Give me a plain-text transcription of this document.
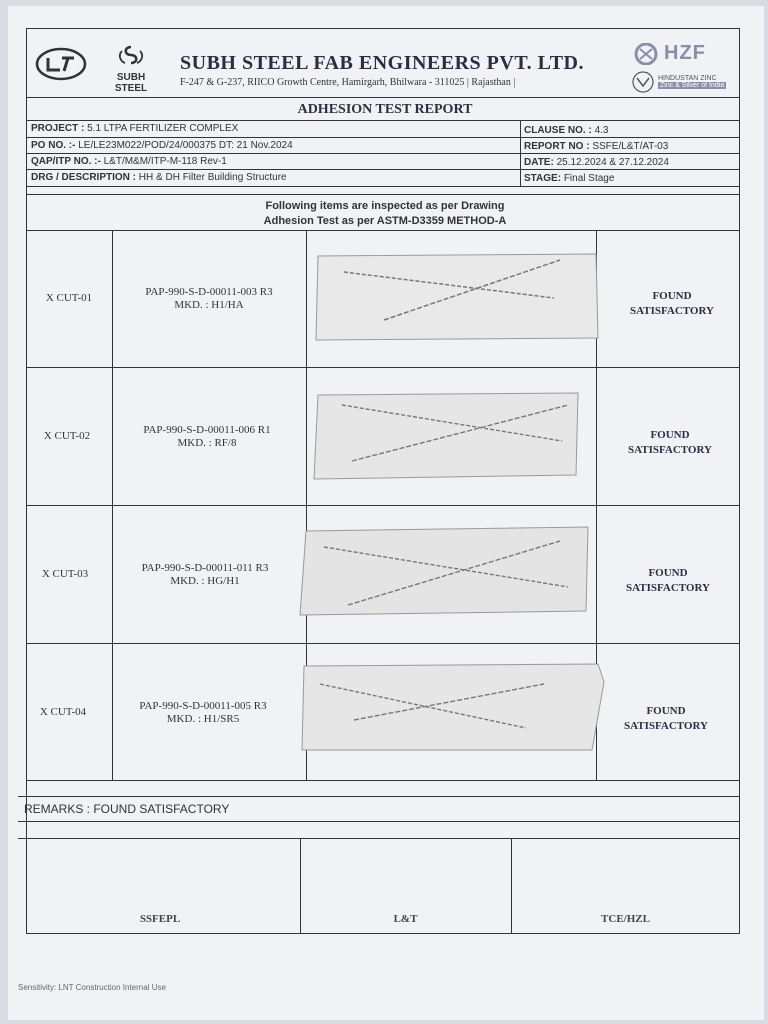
SUBH STEEL
SUBH STEEL FAB ENGINEERS PVT. LTD.
F-247 & G-237, RIICO Growth Centre, Hamirgarh, Bhilwara - 311025 | Rajasthan |
HZF
HINDUSTAN ZINC
Zinc & Silver of India
ADHESION TEST REPORT
PROJECT : 5.1 LTPA FERTILIZER COMPLEX
PO NO. :- LE/LE23M022/POD/24/000375 DT: 21 Nov.2024
QAP/ITP NO. :- L&T/M&M/ITP-M-118 Rev-1
DRG / DESCRIPTION : HH & DH Filter Building Structure
CLAUSE NO. : 4.3
REPORT NO : SSFE/L&T/AT-03
DATE: 25.12.2024 & 27.12.2024
STAGE: Final Stage
Following items are inspected as per Drawing
Adhesion Test as per ASTM-D3359 METHOD-A
X CUT-01	PAP-990-S-D-00011-003 R3
MKD. : H1/HA
FOUND
SATISFACTORY
X CUT-02	PAP-990-S-D-00011-006 R1
MKD. : RF/8
FOUND
SATISFACTORY
X CUT-03	PAP-990-S-D-00011-011 R3
MKD. : HG/H1
FOUND
SATISFACTORY
X CUT-04	PAP-990-S-D-00011-005 R3
MKD. : H1/SR5
FOUND
SATISFACTORY
REMARKS : FOUND SATISFACTORY
SSFEPL	L&T	TCE/HZL
Sensitivity: LNT Construction Internal Use
